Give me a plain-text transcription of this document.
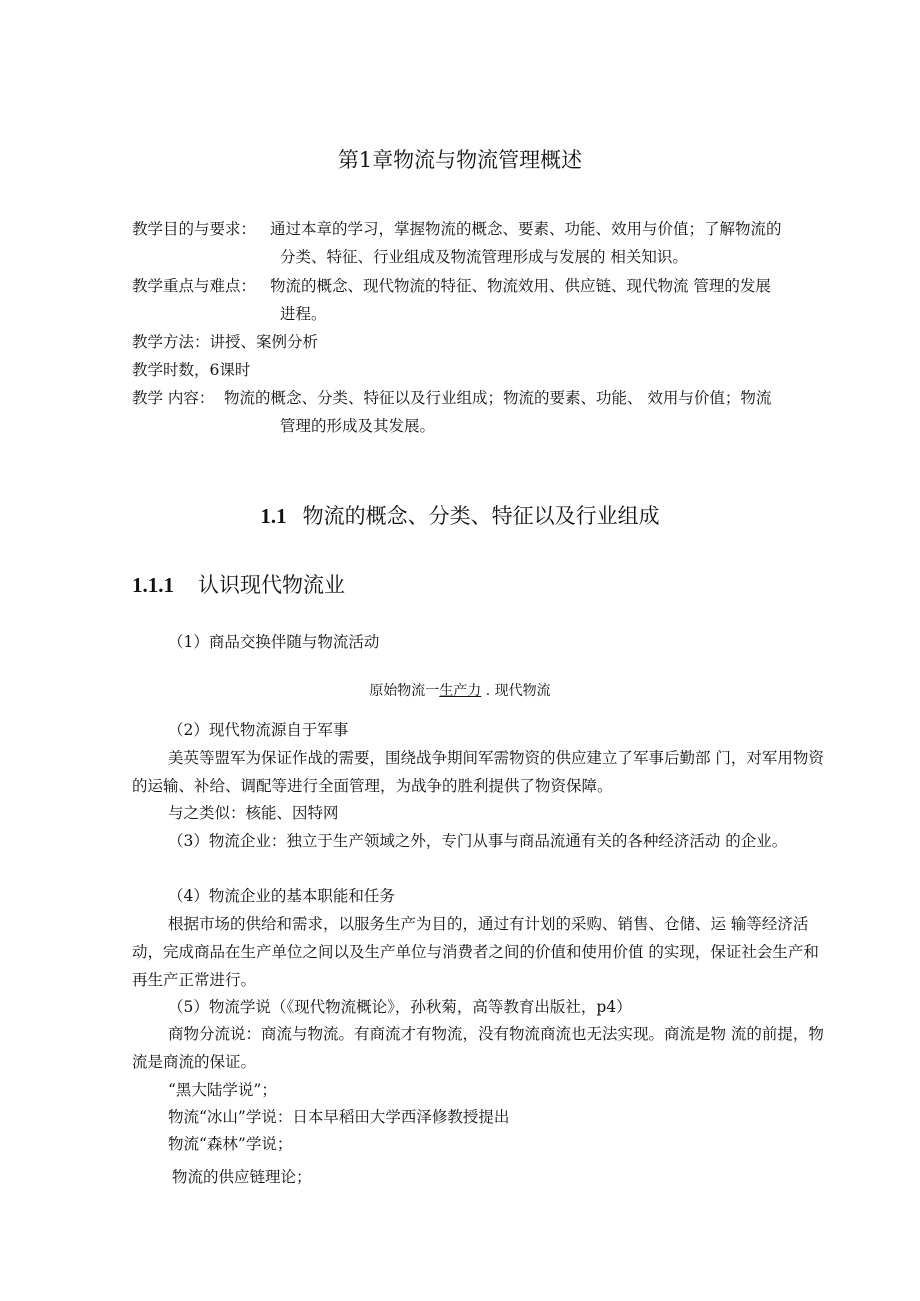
第1章物流与物流管理概述
教学目的与要求： 通过本章的学习，掌握物流的概念、要素、功能、效用与价值；了解物流的
分类、特征、行业组成及物流管理形成与发展的 相关知识。
教学重点与难点： 物流的概念、现代物流的特征、物流效用、供应链、现代物流 管理的发展
进程。
教学方法：讲授、案例分析
教学时数，6课时
教学 内容： 物流的概念、分类、特征以及行业组成；物流的要素、功能、 效用与价值；物流
管理的形成及其发展。
1.1 物流的概念、分类、特征以及行业组成
1.1.1 认识现代物流业
（1）商品交换伴随与物流活动
原始物流一生产力 . 现代物流
（2）现代物流源自于军事
美英等盟军为保证作战的需要，围绕战争期间军需物资的供应建立了军事后勤部 门，对军用物资的运输、补给、调配等进行全面管理，为战争的胜利提供了物资保障。
与之类似：核能、因特网
（3）物流企业：独立于生产领域之外，专门从事与商品流通有关的各种经济活动 的企业。
（4）物流企业的基本职能和任务
根据市场的供给和需求，以服务生产为目的，通过有计划的采购、销售、仓储、运 输等经济活动，完成商品在生产单位之间以及生产单位与消费者之间的价值和使用价值 的实现，保证社会生产和再生产正常进行。
（5）物流学说（《现代物流概论》，孙秋菊，高等教育出版社，p4）
商物分流说：商流与物流。有商流才有物流，没有物流商流也无法实现。商流是物 流的前提，物流是商流的保证。
“黑大陆学说”；
物流“冰山”学说：日本早稻田大学西泽修教授提出
物流“森林”学说；
物流的供应链理论；
